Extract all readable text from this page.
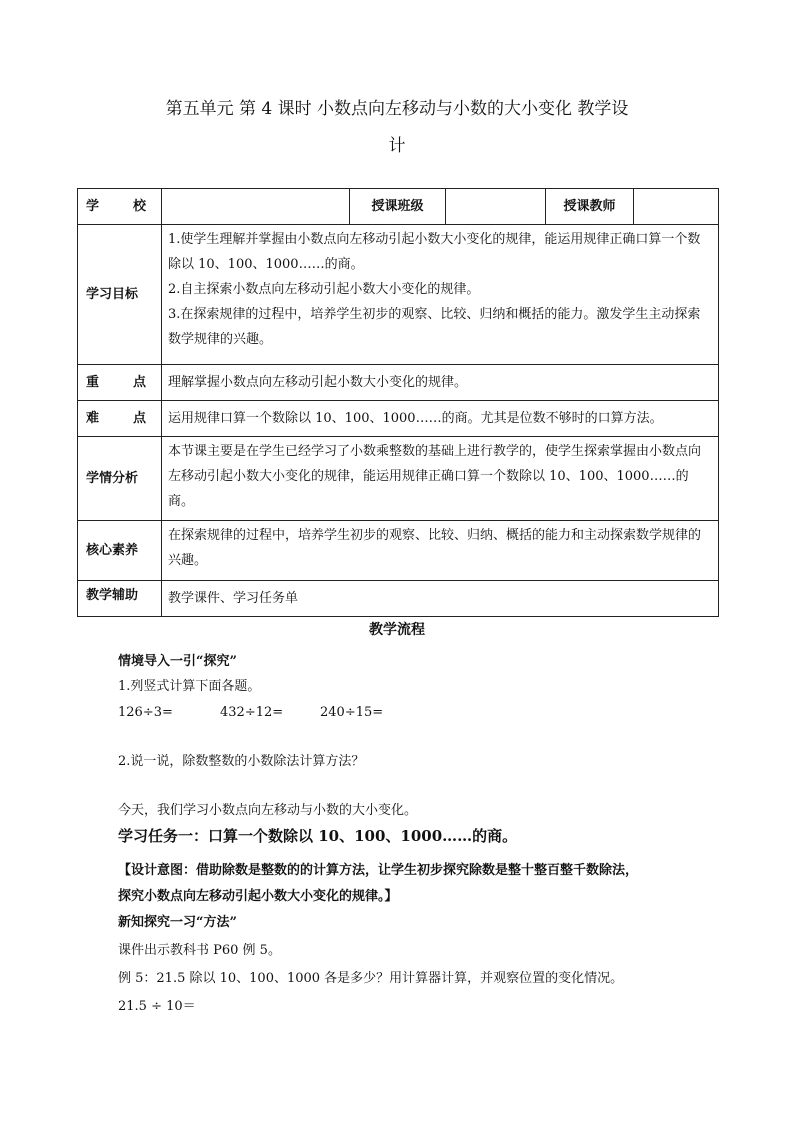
第五单元 第 4 课时 小数点向左移动与小数的大小变化 教学设
计
学 校		授课班级		授课教师	
学习目标	1.使学生理解并掌握由小数点向左移动引起小数大小变化的规律，能运用规律正确口算一个数除以 10、100、1000……的商。
2.自主探索小数点向左移动引起小数大小变化的规律。
3.在探索规律的过程中，培养学生初步的观察、比较、归纳和概括的能力。激发学生主动探索数学规律的兴趣。				

重 点	理解掌握小数点向左移动引起小数大小变化的规律。				

难 点	运用规律口算一个数除以 10、100、1000……的商。尤其是位数不够时的口算方法。				
学情分析	本节课主要是在学生已经学习了小数乘整数的基础上进行教学的，使学生探索掌握由小数点向左移动引起小数大小变化的规律，能运用规律正确口算一个数除以 10、100、1000……的商。				
核心素养	在探索规律的过程中，培养学生初步的观察、比较、归纳、概括的能力和主动探索数学规律的兴趣。				
教学辅助	教学课件、学习任务单				
教学流程
情境导入一引“探究”
1.列竖式计算下面各题。
126÷3=	432÷12=	240÷15=
2.说一说，除数整数的小数除法计算方法？
今天，我们学习小数点向左移动与小数的大小变化。
学习任务一：口算一个数除以 10、100、1000……的商。
【设计意图：借助除数是整数的的计算方法，让学生初步探究除数是整十整百整千数除法，
探究小数点向左移动引起小数大小变化的规律。】
新知探究一习“方法”
课件出示教科书 P60 例 5。
例 5：21.5 除以 10、100、1000 各是多少？用计算器计算，并观察位置的变化情况。
21.5 ÷ 10＝
